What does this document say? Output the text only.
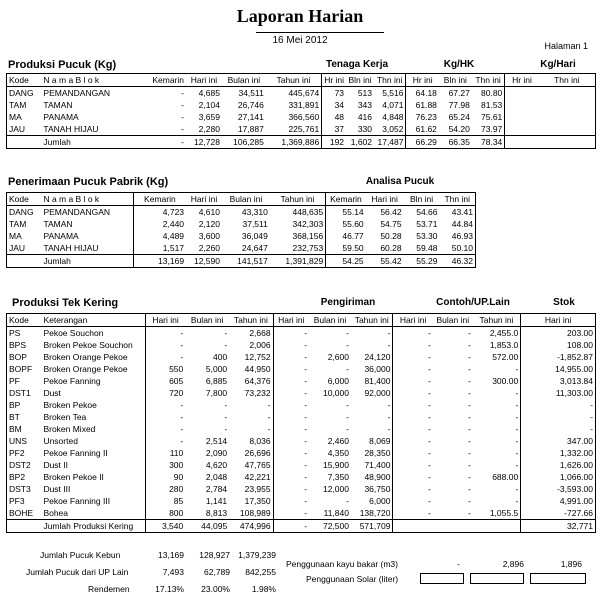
Laporan Harian
16 Mei 2012	Halaman 1
Produksi Pucuk (Kg)	Tenaga Kerja	Kg/HK	Kg/Hari
Kode	N a m a B l o k	Kemarin	Hari ini	Bulan ini	Tahun ini	Hr ini	Bln ini	Thn ini	Hr ini	Bln ini	Thn ini	Hr ini	Thn ini
DANG	PEMANDANGAN	-	4,685	34,511	445,674	73	513	5,516	64.18	67.27	80.80		
TAM	TAMAN	-	2,104	26,746	331,891	34	343	4,071	61.88	77.98	81.53		
MA	PANAMA	-	3,659	27,141	366,560	48	416	4,848	76.23	65.24	75.61		
JAU	TANAH HIJAU	-	2,280	17,887	225,761	37	330	3,052	61.62	54.20	73.97		
	Jumlah	-	12,728	106,285	1,369,886	192	1,602	17,487	66.29	66.35	78.34		
Penerimaan Pucuk Pabrik (Kg)	Analisa Pucuk
Kode	N a m a B l o k	Kemarin	Hari ini	Bulan ini	Tahun ini	Kemarin	Hari ini	Bln ini	Thn ini
DANG	PEMANDANGAN	4,723	4,610	43,310	448,635	55.14	56.42	54.66	43.41
TAM	TAMAN	2,440	2,120	37,511	342,303	55.60	54.75	53.71	44.84
MA	PANAMA	4,489	3,600	36,049	368,156	46.77	50.28	53.30	46.93
JAU	TANAH HIJAU	1,517	2,260	24,647	232,753	59.50	60.28	59.48	50.10
	Jumlah	13,169	12,590	141,517	1,391,829	54.25	55.42	55.29	46.32
Produksi Tek Kering	Pengiriman	Contoh/UP.Lain	Stok
Kode	Keterangan	Hari ini	Bulan ini	Tahun ini	Hari ini	Bulan ini	Tahun ini	Hari ini	Bulan ini	Tahun ini	Hari ini
PS	Pekoe Souchon	-	-	2,668	-	-	-	-	-	2,455.0	203.00
BPS	Broken Pekoe Souchon	-	-	2,006	-	-	-	-	-	1,853.0	108.00
BOP	Broken Orange Pekoe	-	400	12,752	-	2,600	24,120	-	-	572.00	-1,852.87
BOPF	Broken Orange Pekoe	550	5,000	44,950	-	-	36,000	-	-	-	14,955.00
PF	Pekoe Fanning	605	6,885	64,376	-	6,000	81,400	-	-	300.00	3,013.84
DST1	Dust	720	7,800	73,232	-	10,000	92,000	-	-	-	11,303.00
BP	Broken Pekoe	-	-	-	-	-	-	-	-	-	-
BT	Broken Tea	-	-	-	-	-	-	-	-	-	-
BM	Broken Mixed	-	-	-	-	-	-	-	-	-	-
UNS	Unsorted	-	2,514	8,036	-	2,460	8,069	-	-	-	347.00
PF2	Pekoe Fanning II	110	2,090	26,696	-	4,350	28,350	-	-	-	1,332.00
DST2	Dust II	300	4,620	47,765	-	15,900	71,400	-	-	-	1,626.00
BP2	Broken Pekoe II	90	2,048	42,221	-	7,350	48,900	-	-	688.00	1,066.00
DST3	Dust III	280	2,784	23,955	-	12,000	36,750	-	-	-	-3,593.00
PF3	Pekoe Fanning III	85	1,141	17,350	-	-	6,000	-	-	-	4,991.00
BOHE	Bohea	800	8,813	108,989	-	11,840	138,720	-	-	1,055.5	-727.66
	Jumlah Produksi Kering	3,540	44,095	474,996	-	72,500	571,709				32,771
Jumlah Pucuk Kebun	13,169	128,927 1,379,239
Jumlah Pucuk dari UP Lain	7,493	62,789	842,255
Rendemen	17.13%	23.00%	1.98%
Penggunaan kayu bakar (m3)	-	2,896	1,896
Penggunaan Solar (liter)
